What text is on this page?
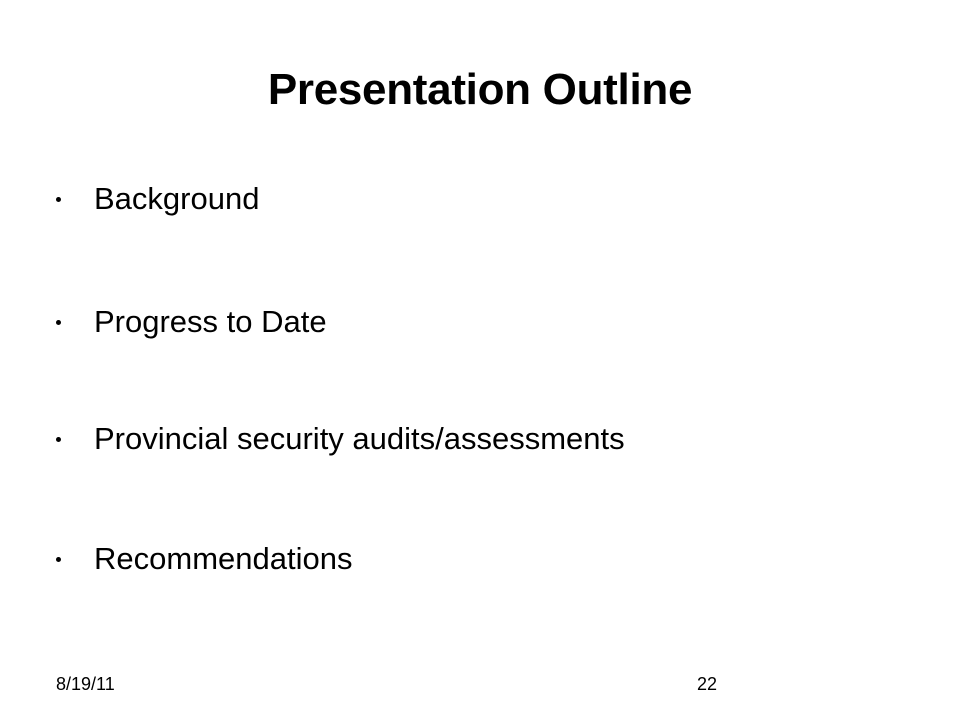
Presentation Outline
Background
Progress to Date
Provincial security audits/assessments
Recommendations
8/19/11	22
